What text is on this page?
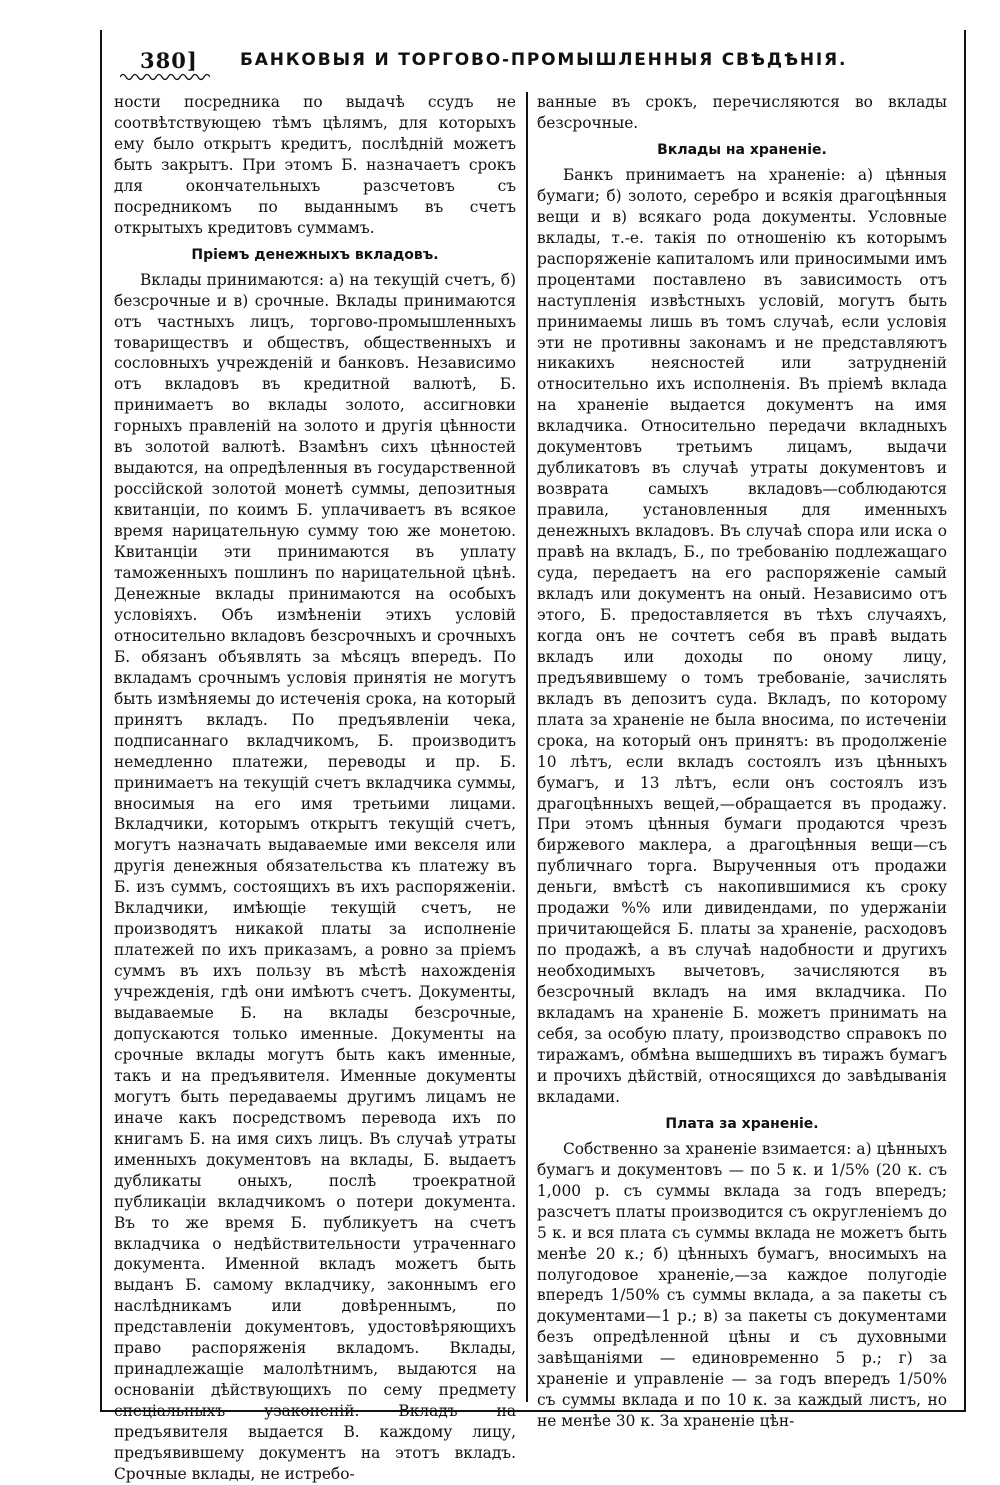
380] БАНКОВЫЯ И ТОРГОВО-ПРОМЫШЛЕННЫЯ СВѢДѢНІЯ.

ности посредника по выдачѣ ссудъ не соотвѣтствующею тѣмъ цѣлямъ, для которыхъ ему было открытъ кредитъ, послѣдній можетъ быть закрытъ. При этомъ Б. назначаетъ срокъ для окончательныхъ разсчетовъ съ посредникомъ по выданнымъ въ счетъ открытыхъ кредитовъ суммамъ.

Пріемъ денежныхъ вкладовъ.

Вклады принимаются: а) на текущій счетъ, б) безсрочные и в) срочные. Вклады принимаются отъ частныхъ лицъ, торгово-промышленныхъ товариществъ и обществъ, общественныхъ и сословныхъ учрежденій и банковъ. Независимо отъ вкладовъ въ кредитной валютѣ, Б. принимаетъ во вклады золото, ассигновки горныхъ правленій на золото и другія цѣнности въ золотой валютѣ. Взамѣнъ сихъ цѣнностей выдаются, на опредѣленныя въ государственной россійской золотой монетѣ суммы, депозитныя квитанціи, по коимъ Б. уплачиваетъ въ всякое время нарицательную сумму тою же монетою. Квитанціи эти принимаются въ уплату таможенныхъ пошлинъ по нарицательной цѣнѣ. Денежные вклады принимаются на особыхъ условіяхъ. Объ измѣненіи этихъ условій относительно вкладовъ безсрочныхъ и срочныхъ Б. обязанъ объявлять за мѣсяцъ впередъ. По вкладамъ срочнымъ условія принятія не могутъ быть измѣняемы до истеченія срока, на который принятъ вкладъ. По предъявленіи чека, подписаннаго вкладчикомъ, Б. производитъ немедленно платежи, переводы и пр. Б. принимаетъ на текущій счетъ вкладчика суммы, вносимыя на его имя третьими лицами. Вкладчики, которымъ открытъ текущій счетъ, могутъ назначать выдаваемые ими векселя или другія денежныя обязательства къ платежу въ Б. изъ суммъ, состоящихъ въ ихъ распоряженіи. Вкладчики, имѣющіе текущій счетъ, не производятъ никакой платы за исполненіе платежей по ихъ приказамъ, а ровно за пріемъ суммъ въ ихъ пользу въ мѣстѣ нахожденія учрежденія, гдѣ они имѣютъ счетъ. Документы, выдаваемые Б. на вклады безсрочные, допускаются только именные. Документы на срочные вклады могутъ быть какъ именные, такъ и на предъявителя. Именные документы могутъ быть передаваемы другимъ лицамъ не иначе какъ посредствомъ перевода ихъ по книгамъ Б. на имя сихъ лицъ. Въ случаѣ утраты именныхъ документовъ на вклады, Б. выдаетъ дубликаты оныхъ, послѣ троекратной публикаціи вкладчикомъ о потери документа. Въ то же время Б. публикуетъ на счетъ вкладчика о недѣйствительности утраченнаго документа. Именной вкладъ можетъ быть выданъ Б. самому вкладчику, законнымъ его наслѣдникамъ или довѣреннымъ, по представленіи документовъ, удостовѣряющихъ право распоряженія вкладомъ. Вклады, принадлежащіе малолѣтнимъ, выдаются на основаніи дѣйствующихъ по сему предмету спеціальныхъ узаконеній. Вкладъ на предъявителя выдается В. каждому лицу, предъявившему документъ на этотъ вкладъ. Срочные вклады, не истребо-

ванные въ срокъ, перечисляются во вклады безсрочные.

Вклады на храненіе.

Банкъ принимаетъ на храненіе: а) цѣнныя бумаги; б) золото, серебро и всякія драгоцѣнныя вещи и в) всякаго рода документы. Условные вклады, т.-е. такія по отношенію къ которымъ распоряженіе капиталомъ или приносимыми имъ процентами поставлено въ зависимость отъ наступленія извѣстныхъ условій, могутъ быть принимаемы лишь въ томъ случаѣ, если условія эти не противны законамъ и не представляютъ никакихъ неясностей или затрудненій относительно ихъ исполненія. Въ пріемѣ вклада на храненіе выдается документъ на имя вкладчика. Относительно передачи вкладныхъ документовъ третьимъ лицамъ, выдачи дубликатовъ въ случаѣ утраты документовъ и возврата самыхъ вкладовъ—соблюдаются правила, установленныя для именныхъ денежныхъ вкладовъ. Въ случаѣ спора или иска о правѣ на вкладъ, Б., по требованію подлежащаго суда, передаетъ на его распоряженіе самый вкладъ или документъ на оный. Независимо отъ этого, Б. предоставляется въ тѣхъ случаяхъ, когда онъ не сочтетъ себя въ правѣ выдать вкладъ или доходы по оному лицу, предъявившему о томъ требованіе, зачислять вкладъ въ депозитъ суда. Вкладъ, по которому плата за храненіе не была вносима, по истеченіи срока, на который онъ принятъ: въ продолженіе 10 лѣтъ, если вкладъ состоялъ изъ цѣнныхъ бумагъ, и 13 лѣтъ, если онъ состоялъ изъ драгоцѣнныхъ вещей,—обращается въ продажу. При этомъ цѣнныя бумаги продаются чрезъ биржевого маклера, а драгоцѣнныя вещи—съ публичнаго торга. Вырученныя отъ продажи деньги, вмѣстѣ съ накопившимися къ сроку продажи %% или дивидендами, по удержаніи причитающейся Б. платы за храненіе, расходовъ по продажѣ, а въ случаѣ надобности и другихъ необходимыхъ вычетовъ, зачисляются въ безсрочный вкладъ на имя вкладчика. По вкладамъ на храненіе Б. можетъ принимать на себя, за особую плату, производство справокъ по тиражамъ, обмѣна вышедшихъ въ тиражъ бумагъ и прочихъ дѣйствій, относящихся до завѣдыванія вкладами.

Плата за храненіе.

Собственно за храненіе взимается: а) цѣнныхъ бумагъ и документовъ — по 5 к. и 1/5% (20 к. съ 1,000 р. съ суммы вклада за годъ впередъ; разсчетъ платы производится съ округленіемъ до 5 к. и вся плата съ суммы вклада не можетъ быть менѣе 20 к.; б) цѣнныхъ бумагъ, вносимыхъ на полугодовое храненіе,—за каждое полугодіе впередъ 1/50% съ суммы вклада, а за пакеты съ документами—1 р.; в) за пакеты съ документами безъ опредѣленной цѣны и съ духовными завѣщаніями — единовременно 5 р.; г) за храненіе и управленіе — за годъ впередъ 1/50% съ суммы вклада и по 10 к. за каждый листъ, но не менѣе 30 к. За храненіе цѣн-
